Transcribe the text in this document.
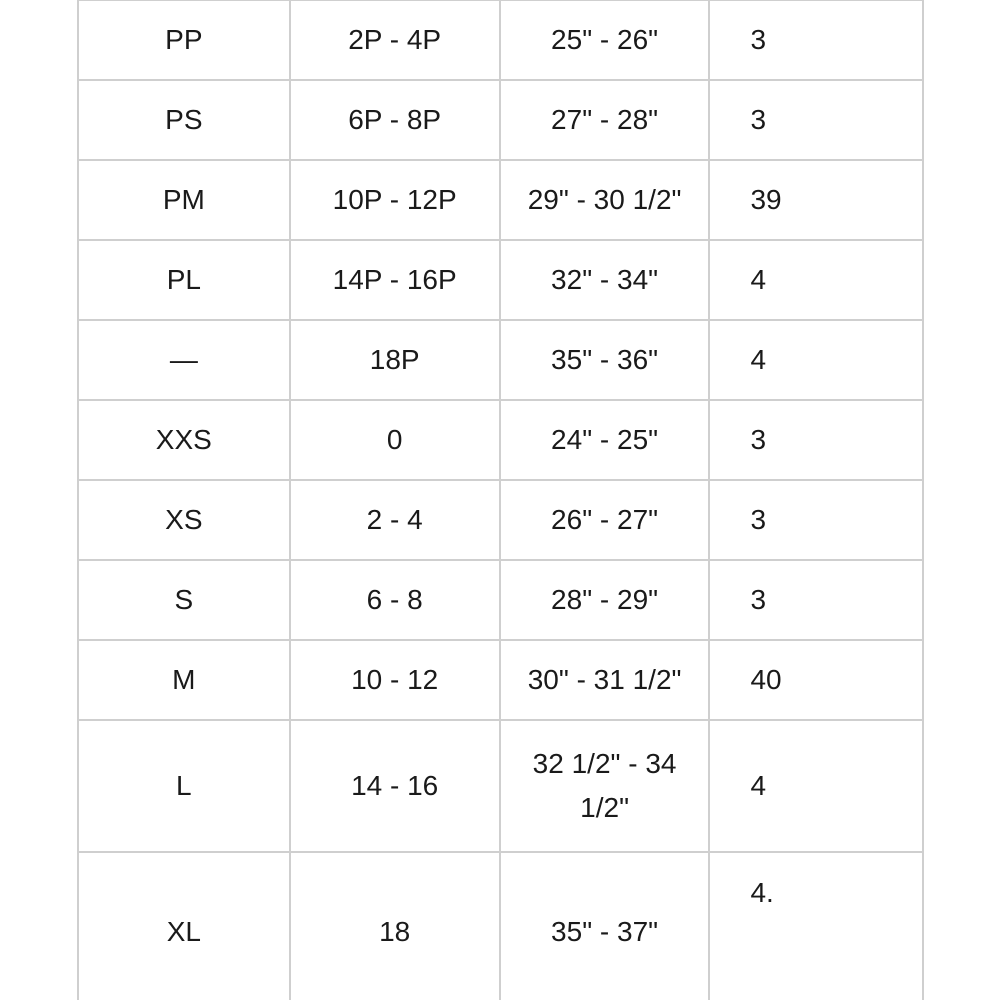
PP	2P - 4P	25" - 26"	3
PS	6P - 8P	27" - 28"	3
PM	10P - 12P	29" - 30 1/2"	39
PL	14P - 16P	32" - 34"	4
—	18P	35" - 36"	4
XXS	0	24" - 25"	3
XS	2 - 4	26" - 27"	3
S	6 - 8	28" - 29"	3
M	10 - 12	30" - 31 1/2"	40
L	14 - 16	32 1/2" - 34 1/2"	4
XL	18	35" - 37"	4.
